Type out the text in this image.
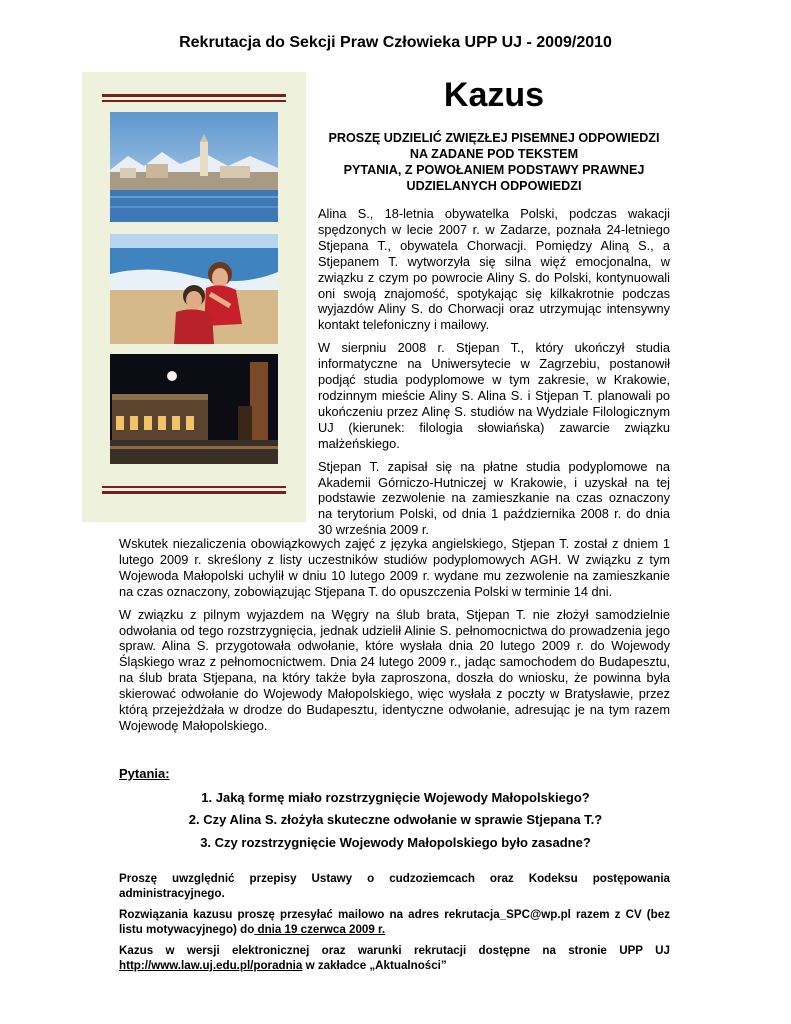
Rekrutacja do Sekcji Praw Człowieka UPP UJ - 2009/2010
Kazus
PROSZĘ UDZIELIĆ ZWIĘZŁEJ PISEMNEJ ODPOWIEDZI
NA ZADANE POD TEKSTEM
PYTANIA, Z POWOŁANIEM PODSTAWY PRAWNEJ
UDZIELANYCH ODPOWIEDZI

Alina S., 18-letnia obywatelka Polski, podczas wakacji spędzonych w lecie 2007 r. w Zadarze, poznała 24-letniego Stjepana T., obywatela Chorwacji. Pomiędzy Aliną S., a Stjepanem T. wytworzyła się silna więź emocjonalna, w związku z czym po powrocie Aliny S. do Polski, kontynuowali oni swoją znajomość, spotykając się kilkakrotnie podczas wyjazdów Aliny S. do Chorwacji oraz utrzymując intensywny kontakt telefoniczny i mailowy.

W sierpniu 2008 r. Stjepan T., który ukończył studia informatyczne na Uniwersytecie w Zagrzebiu, postanowił podjąć studia podyplomowe w tym zakresie, w Krakowie, rodzinnym mieście Aliny S. Alina S. i Stjepan T. planowali po ukończeniu przez Alinę S. studiów na Wydziale Filologicznym UJ (kierunek: filologia słowiańska) zawarcie związku małżeńskiego.

Stjepan T. zapisał się na płatne studia podyplomowe na Akademii Górniczo-Hutniczej w Krakowie, i uzyskał na tej podstawie zezwolenie na zamieszkanie na czas oznaczony na terytorium Polski, od dnia 1 października 2008 r. do dnia 30 września 2009 r.

Wskutek niezaliczenia obowiązkowych zajęć z języka angielskiego, Stjepan T. został z dniem 1 lutego 2009 r. skreślony z listy uczestników studiów podyplomowych AGH. W związku z tym Wojewoda Małopolski uchylił w dniu 10 lutego 2009 r. wydane mu zezwolenie na zamieszkanie na czas oznaczony, zobowiązując Stjepana T. do opuszczenia Polski w terminie 14 dni.

W związku z pilnym wyjazdem na Węgry na ślub brata, Stjepan T. nie złożył samodzielnie odwołania od tego rozstrzygnięcia, jednak udzielił Alinie S. pełnomocnictwa do prowadzenia jego spraw. Alina S. przygotowała odwołanie, które wysłała dnia 20 lutego 2009 r. do Wojewody Śląskiego wraz z pełnomocnictwem. Dnia 24 lutego 2009 r., jadąc samochodem do Budapesztu, na ślub brata Stjepana, na który także była zaproszona, doszła do wniosku, że powinna była skierować odwołanie do Wojewody Małopolskiego, więc wysłała z poczty w Bratysławie, przez którą przejeżdżała w drodze do Budapesztu, identyczne odwołanie, adresując je na tym razem Wojewodę Małopolskiego.

Pytania:
1. Jaką formę miało rozstrzygnięcie Wojewody Małopolskiego?
2. Czy Alina S. złożyła skuteczne odwołanie w sprawie Stjepana T.?
3. Czy rozstrzygnięcie Wojewody Małopolskiego było zasadne?

Proszę uwzględnić przepisy Ustawy o cudzoziemcach oraz Kodeksu postępowania administracyjnego.

Rozwiązania kazusu proszę przesyłać mailowo na adres rekrutacja_SPC@wp.pl razem z CV (bez listu motywacyjnego) do dnia 19 czerwca 2009 r.

Kazus w wersji elektronicznej oraz warunki rekrutacji dostępne na stronie UPP UJ http://www.law.uj.edu.pl/poradnia w zakładce „Aktualności”
